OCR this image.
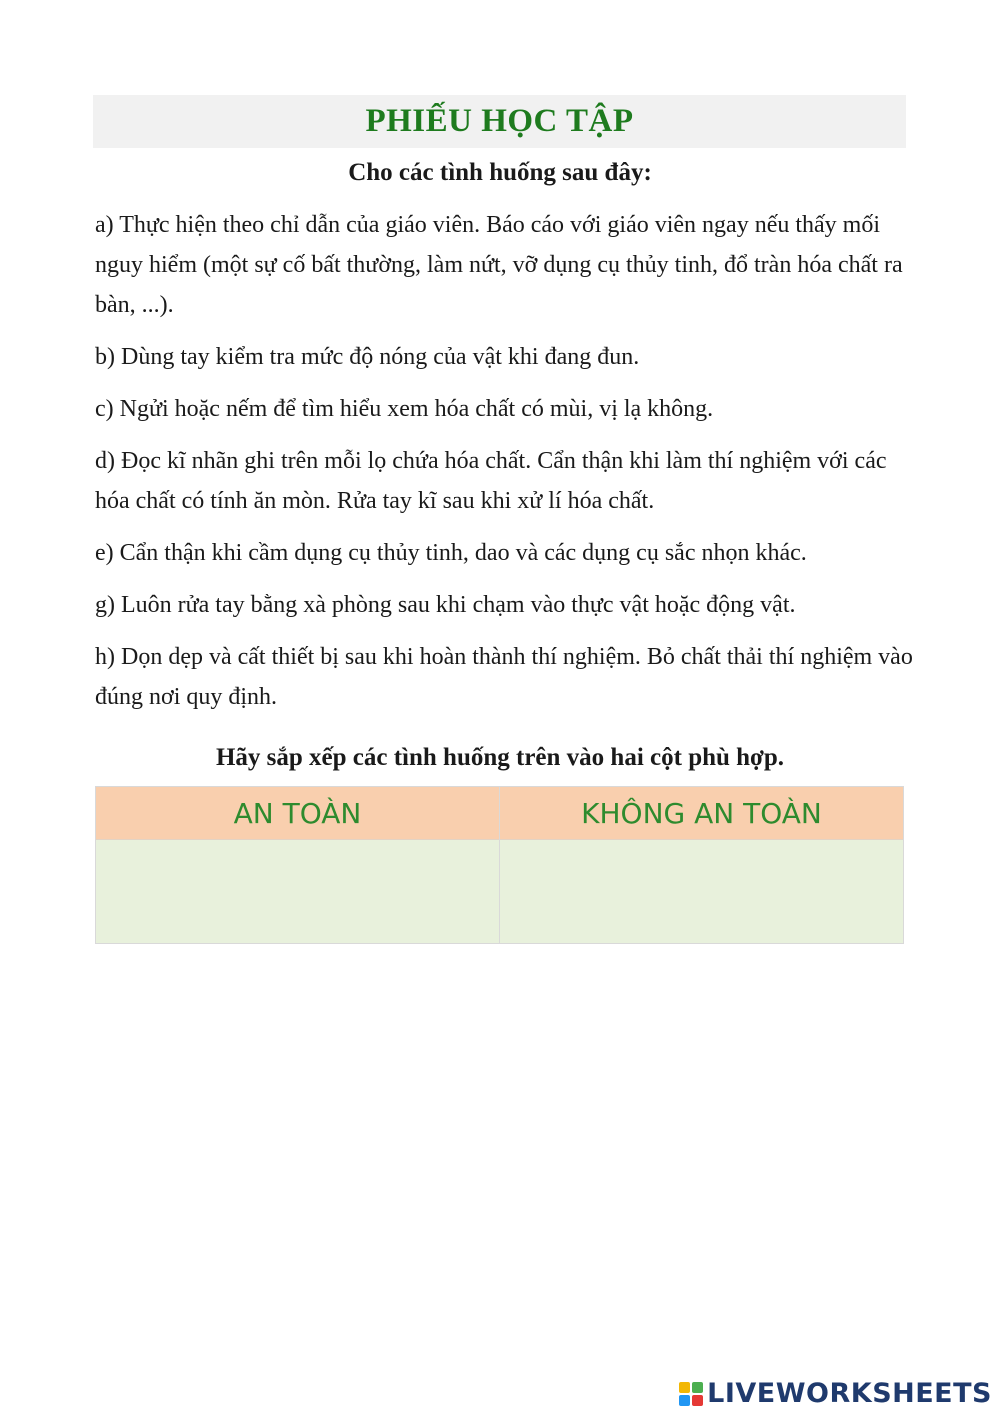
PHIẾU HỌC TẬP
Cho các tình huống sau đây:
a) Thực hiện theo chỉ dẫn của giáo viên. Báo cáo với giáo viên ngay nếu thấy mối nguy hiểm (một sự cố bất thường, làm nứt, vỡ dụng cụ thủy tinh, đổ tràn hóa chất ra bàn, ...).
b) Dùng tay kiểm tra mức độ nóng của vật khi đang đun.
c) Ngửi hoặc nếm để tìm hiểu xem hóa chất có mùi, vị lạ không.
d) Đọc kĩ nhãn ghi trên mỗi lọ chứa hóa chất. Cẩn thận khi làm thí nghiệm với các hóa chất có tính ăn mòn. Rửa tay kĩ sau khi xử lí hóa chất.
e) Cẩn thận khi cầm dụng cụ thủy tinh, dao và các dụng cụ sắc nhọn khác.
g) Luôn rửa tay bằng xà phòng sau khi chạm vào thực vật hoặc động vật.
h) Dọn dẹp và cất thiết bị sau khi hoàn thành thí nghiệm. Bỏ chất thải thí nghiệm vào đúng nơi quy định.
Hãy sắp xếp các tình huống trên vào hai cột phù hợp.
AN TOÀN	KHÔNG AN TOÀN
LIVEWORKSHEETS
